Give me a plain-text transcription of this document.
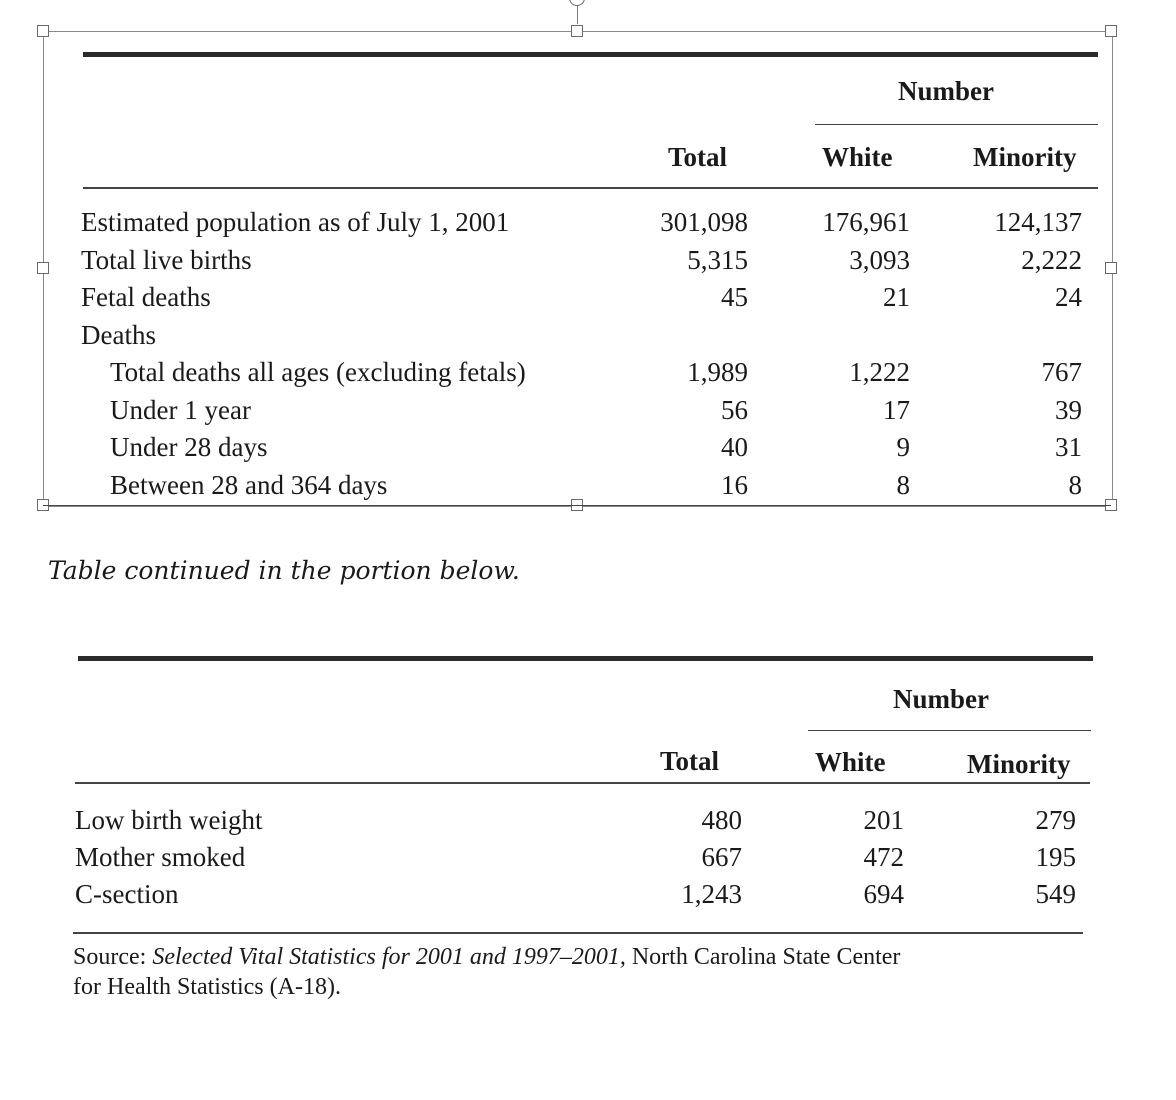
Number
Total	White	Minority
Estimated population as of July 1, 2001	301,098	176,961	124,137
Total live births	5,315	3,093	2,222
Fetal deaths	45	21	24
Deaths
Total deaths all ages (excluding fetals)	1,989	1,222	767
Under 1 year	56	17	39
Under 28 days	40	9	31
Between 28 and 364 days	16	8	8
Table continued in the portion below.
Number
Total	White	Minority
Low birth weight	480	201	279
Mother smoked	667	472	195
C-section	1,243	694	549
Source: Selected Vital Statistics for 2001 and 1997–2001, North Carolina State Center
for Health Statistics (A-18).
